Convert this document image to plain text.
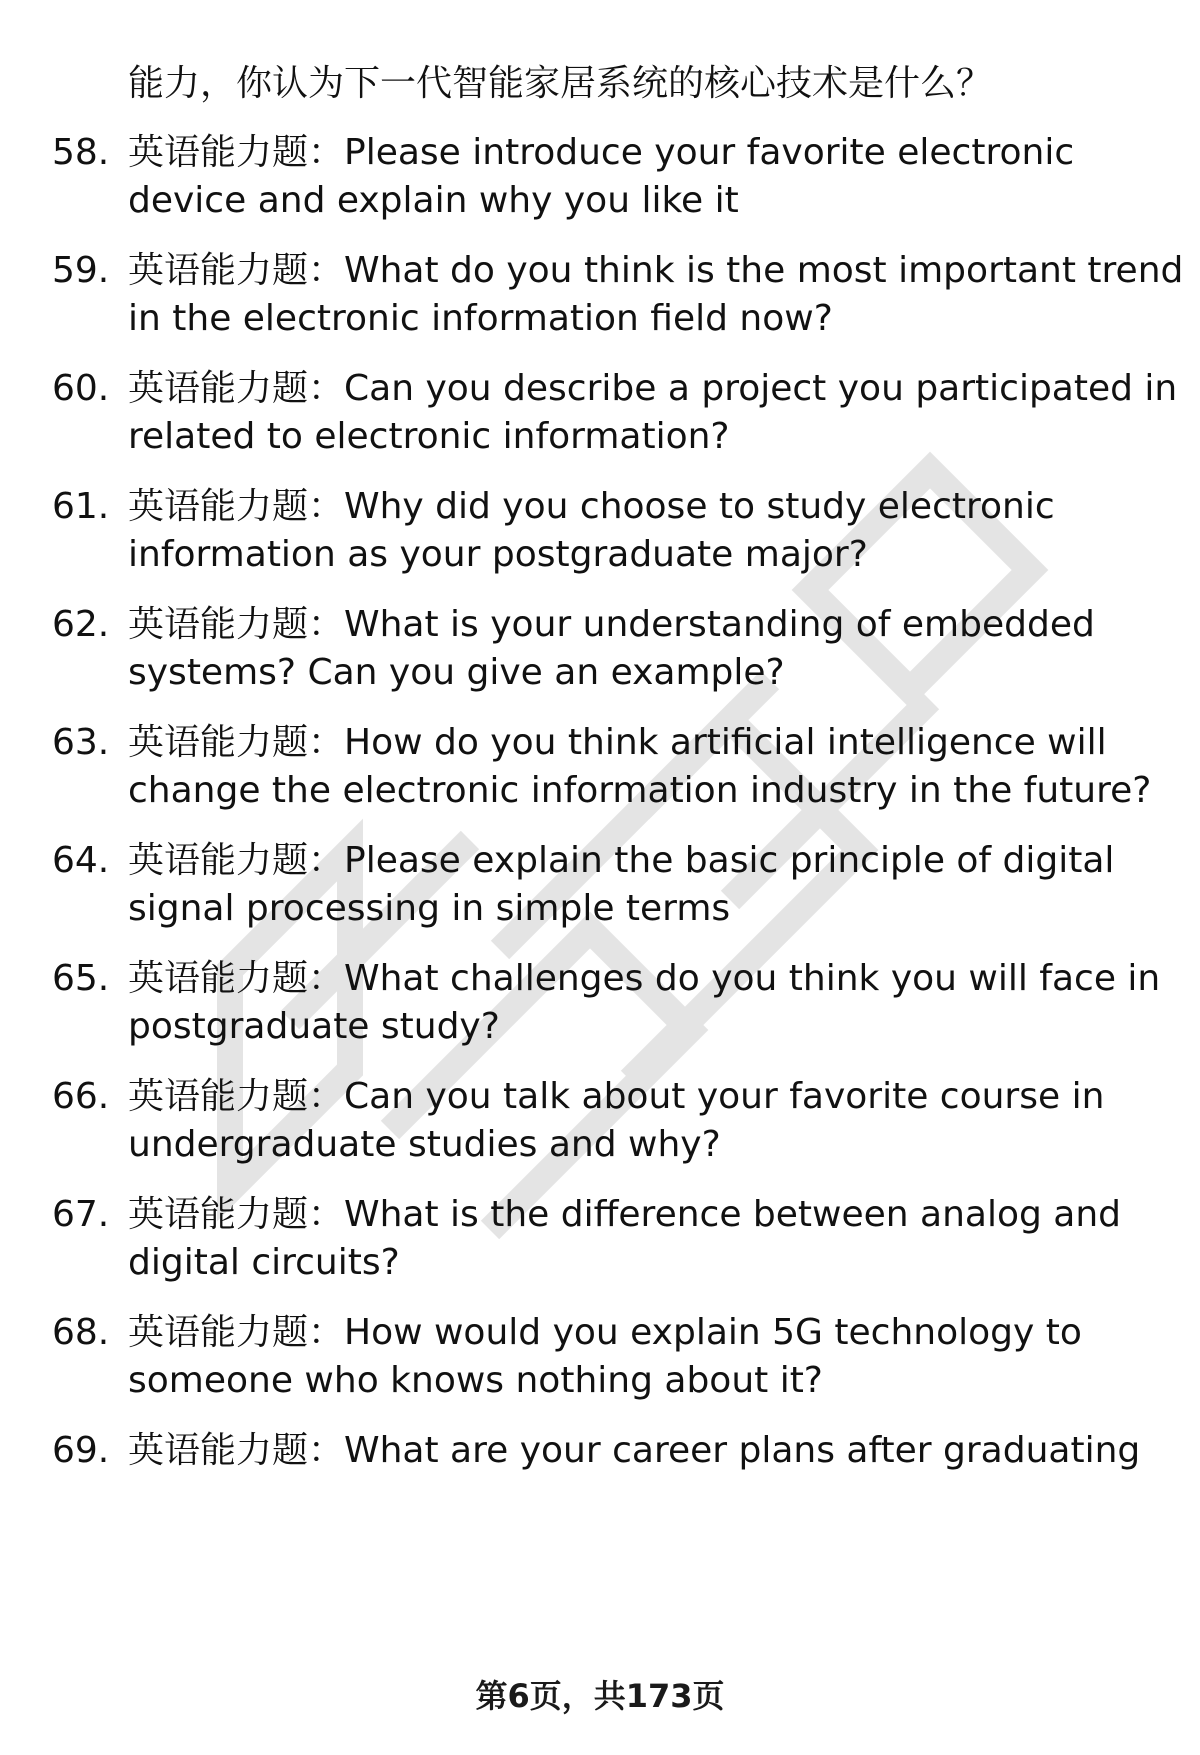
能力，你认为下一代智能家居系统的核心技术是什么？
58. 英语能力题：Please introduce your favorite electronic
device and explain why you like it
59. 英语能力题：What do you think is the most important trend
in the electronic information field now?
60. 英语能力题：Can you describe a project you participated in
related to electronic information?
61. 英语能力题：Why did you choose to study electronic
information as your postgraduate major?
62. 英语能力题：What is your understanding of embedded
systems? Can you give an example?
63. 英语能力题：How do you think artificial intelligence will
change the electronic information industry in the future?
64. 英语能力题：Please explain the basic principle of digital
signal processing in simple terms
65. 英语能力题：What challenges do you think you will face in
postgraduate study?
66. 英语能力题：Can you talk about your favorite course in
undergraduate studies and why?
67. 英语能力题：What is the difference between analog and
digital circuits?
68. 英语能力题：How would you explain 5G technology to
someone who knows nothing about it?
69. 英语能力题：What are your career plans after graduating
第6页，共173页
